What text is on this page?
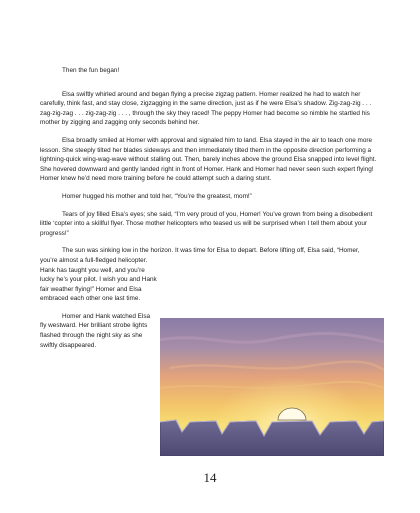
Then the fun began!

Elsa swiftly whirled around and began flying a precise zigzag pattern. Homer realized he had to watch her carefully, think fast, and stay close, zigzagging in the same direction, just as if he were Elsa’s shadow. Zig-zag-zig . . . zag-zig-zag . . . zig-zag-zig . . . , through the sky they raced! The peppy Homer had become so nimble he startled his mother by zigging and zagging only seconds behind her.

Elsa broadly smiled at Homer with approval and signaled him to land. Elsa stayed in the air to teach one more lesson. She steeply tilted her blades sideways and then immediately tilted them in the opposite direction performing a lightning-quick wing-wag-wave without stalling out. Then, barely inches above the ground Elsa snapped into level flight. She hovered downward and gently landed right in front of Homer. Hank and Homer had never seen such expert flying! Homer knew he’d need more training before he could attempt such a daring stunt.

Homer hugged his mother and told her, “You’re the greatest, mom!”

Tears of joy filled Elsa’s eyes; she said, “I’m very proud of you, Homer! You’ve grown from being a disobedient little ‘copter into a skillful flyer. Those mother helicopters who teased us will be surprised when I tell them about your progress!”

The sun was sinking low in the horizon. It was time for Elsa to depart. Before lifting off, Elsa said, “Homer,

you’re almost a full-fledged helicopter. Hank has taught you well, and you’re lucky he’s your pilot. I wish you and Hank fair weather flying!” Homer and Elsa embraced each other one last time.

Homer and Hank watched Elsa fly westward. Her brilliant strobe lights flashed through the night sky as she swiftly disappeared.

14
